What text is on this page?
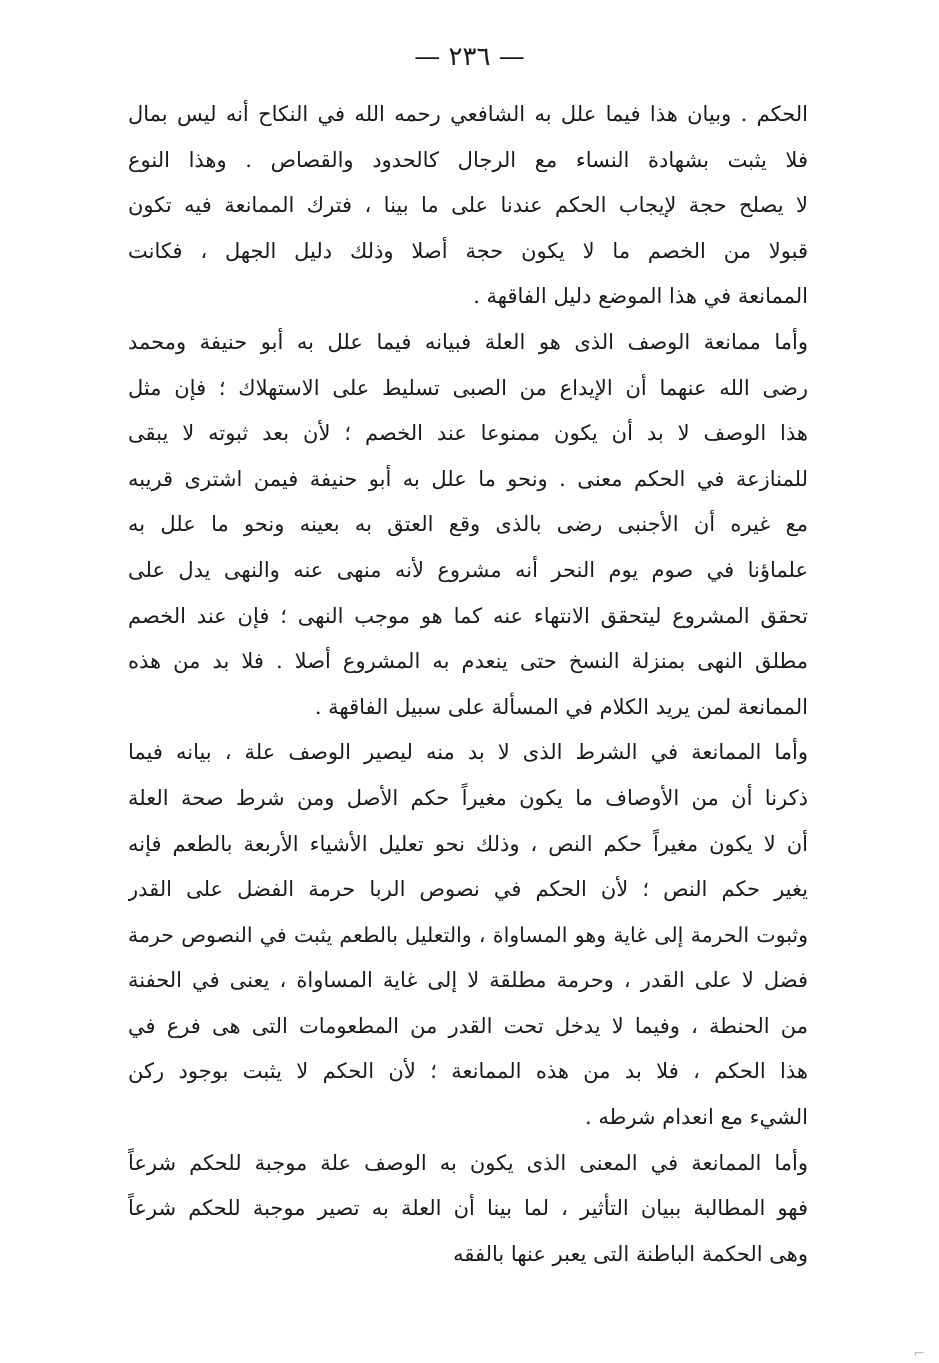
— ٢٣٦ —
الحكم . وبيان هذا فيما علل به الشافعي رحمه الله في النكاح أنه ليس بمال
فلا يثبت بشهادة النساء مع الرجال كالحدود والقصاص . وهذا النوع
لا يصلح حجة لإيجاب الحكم عندنا على ما بينا ، فترك الممانعة فيه تكون
قبولا من الخصم ما لا يكون حجة أصلا وذلك دليل الجهل ، فكانت
الممانعة في هذا الموضع دليل الفاقهة .
وأما ممانعة الوصف الذى هو العلة فبيانه فيما علل به أبو حنيفة ومحمد
رضى الله عنهما أن الإيداع من الصبى تسليط على الاستهلاك ؛ فإن مثل
هذا الوصف لا بد أن يكون ممنوعا عند الخصم ؛ لأن بعد ثبوته لا يبقى
للمنازعة في الحكم معنى . ونحو ما علل به أبو حنيفة فيمن اشترى قريبه
مع غيره أن الأجنبى رضى بالذى وقع العتق به بعينه ونحو ما علل به
علماؤنا في صوم يوم النحر أنه مشروع لأنه منهى عنه والنهى يدل على
تحقق المشروع ليتحقق الانتهاء عنه كما هو موجب النهى ؛ فإن عند الخصم
مطلق النهى بمنزلة النسخ حتى ينعدم به المشروع أصلا . فلا بد من هذه
الممانعة لمن يريد الكلام في المسألة على سبيل الفاقهة .
وأما الممانعة في الشرط الذى لا بد منه ليصير الوصف علة ، بيانه فيما
ذكرنا أن من الأوصاف ما يكون مغيراً حكم الأصل ومن شرط صحة العلة
أن لا يكون مغيراً حكم النص ، وذلك نحو تعليل الأشياء الأربعة بالطعم فإنه
يغير حكم النص ؛ لأن الحكم في نصوص الربا حرمة الفضل على القدر
وثبوت الحرمة إلى غاية وهو المساواة ، والتعليل بالطعم يثبت في النصوص حرمة
فضل لا على القدر ، وحرمة مطلقة لا إلى غاية المساواة ، يعنى في الحفنة
من الحنطة ، وفيما لا يدخل تحت القدر من المطعومات التى هى فرع في
هذا الحكم ، فلا بد من هذه الممانعة ؛ لأن الحكم لا يثبت بوجود ركن
الشيء مع انعدام شرطه .
وأما الممانعة في المعنى الذى يكون به الوصف علة موجبة للحكم شرعاً
فهو المطالبة ببيان التأثير ، لما بينا أن العلة به تصير موجبة للحكم شرعاً
وهى الحكمة الباطنة التى يعبر عنها بالفقه
⌐
